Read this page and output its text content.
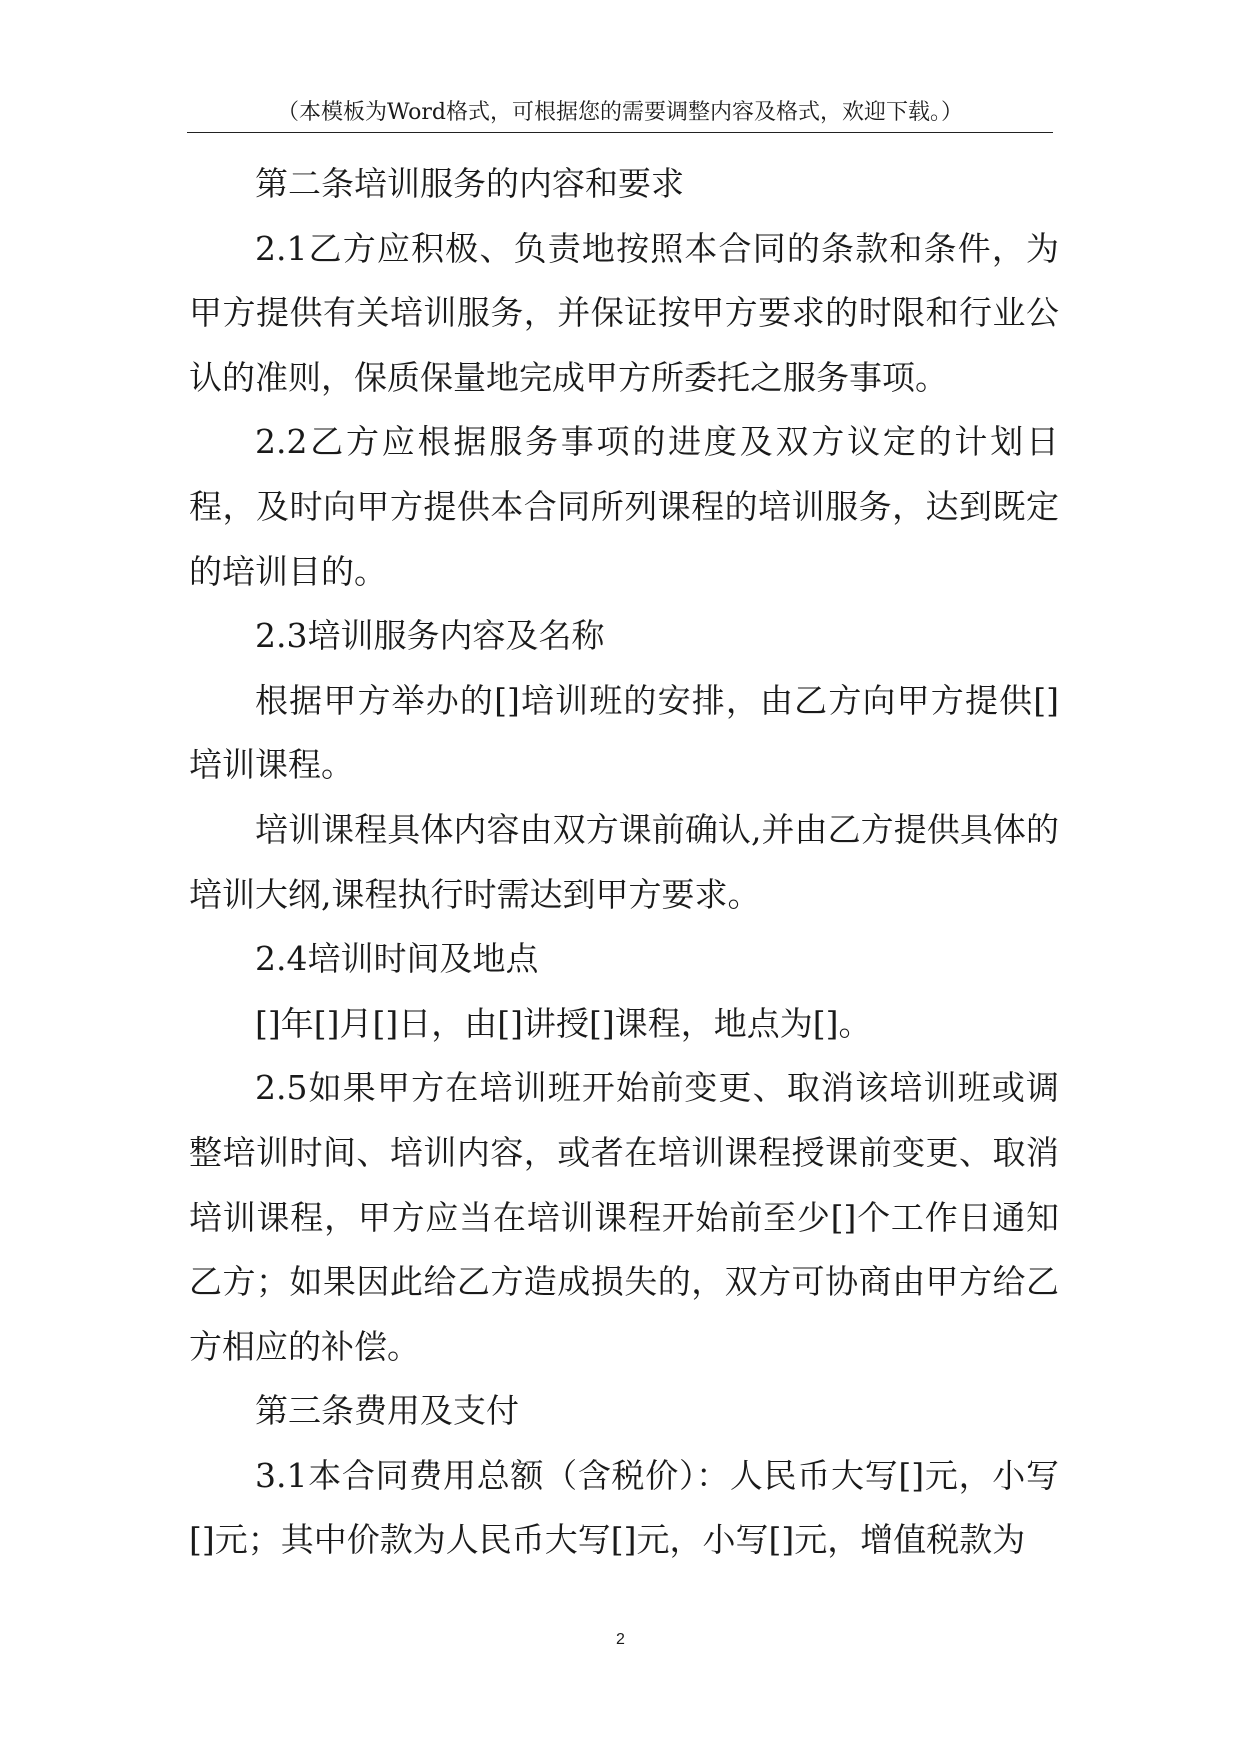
（本模板为Word格式，可根据您的需要调整内容及格式，欢迎下载。）

第二条培训服务的内容和要求

2.1乙方应积极、负责地按照本合同的条款和条件，为甲方提供有关培训服务，并保证按甲方要求的时限和行业公认的准则，保质保量地完成甲方所委托之服务事项。

2.2乙方应根据服务事项的进度及双方议定的计划日程，及时向甲方提供本合同所列课程的培训服务，达到既定的培训目的。

2.3培训服务内容及名称

根据甲方举办的[]培训班的安排，由乙方向甲方提供[]培训课程。

培训课程具体内容由双方课前确认,并由乙方提供具体的培训大纲,课程执行时需达到甲方要求。

2.4培训时间及地点

[]年[]月[]日，由[]讲授[]课程，地点为[]。

2.5如果甲方在培训班开始前变更、取消该培训班或调整培训时间、培训内容，或者在培训课程授课前变更、取消培训课程，甲方应当在培训课程开始前至少[]个工作日通知乙方；如果因此给乙方造成损失的，双方可协商由甲方给乙方相应的补偿。

第三条费用及支付

3.1本合同费用总额（含税价）：人民币大写[]元，小写[]元；其中价款为人民币大写[]元，小写[]元，增值税款为

2
